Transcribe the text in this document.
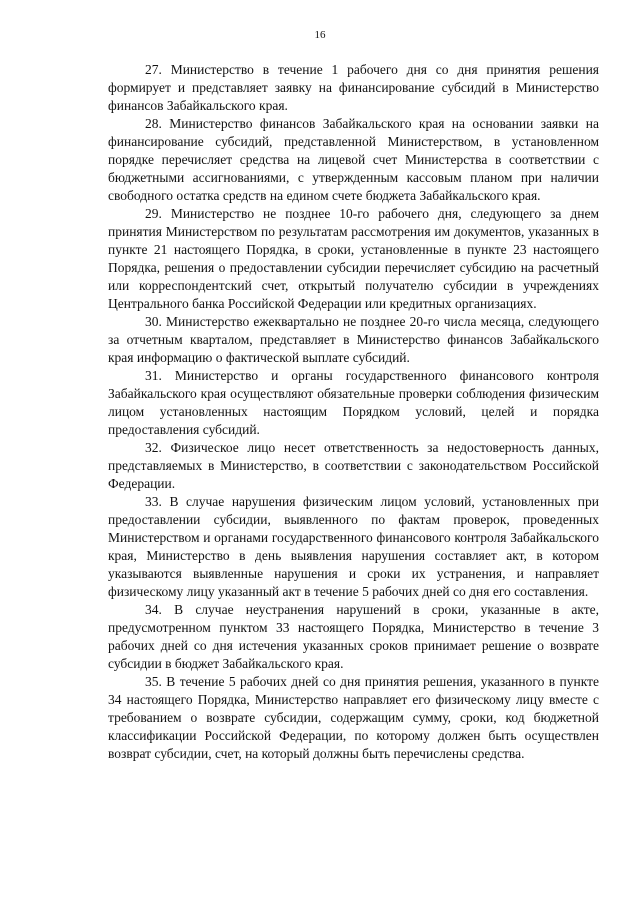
16

27. Министерство в течение 1 рабочего дня со дня принятия решения формирует и представляет заявку на финансирование субсидий в Министерство финансов Забайкальского края.

28. Министерство финансов Забайкальского края на основании заявки на финансирование субсидий, представленной Министерством, в установленном порядке перечисляет средства на лицевой счет Министерства в соответствии с бюджетными ассигнованиями, с утвержденным кассовым планом при наличии свободного остатка средств на едином счете бюджета Забайкальского края.

29. Министерство не позднее 10-го рабочего дня, следующего за днем принятия Министерством по результатам рассмотрения им документов, указанных в пункте 21 настоящего Порядка, в сроки, установленные в пункте 23 настоящего Порядка, решения о предоставлении субсидии перечисляет субсидию на расчетный или корреспондентский счет, открытый получателю субсидии в учреждениях Центрального банка Российской Федерации или кредитных организациях.

30. Министерство ежеквартально не позднее 20-го числа месяца, следующего за отчетным кварталом, представляет в Министерство финансов Забайкальского края информацию о фактической выплате субсидий.

31. Министерство и органы государственного финансового контроля Забайкальского края осуществляют обязательные проверки соблюдения физическим лицом установленных настоящим Порядком условий, целей и порядка предоставления субсидий.

32. Физическое лицо несет ответственность за недостоверность данных, представляемых в Министерство, в соответствии с законодательством Российской Федерации.

33. В случае нарушения физическим лицом условий, установленных при предоставлении субсидии, выявленного по фактам проверок, проведенных Министерством и органами государственного финансового контроля Забайкальского края, Министерство в день выявления нарушения составляет акт, в котором указываются выявленные нарушения и сроки их устранения, и направляет физическому лицу указанный акт в течение 5 рабочих дней со дня его составления.

34. В случае неустранения нарушений в сроки, указанные в акте, предусмотренном пунктом 33 настоящего Порядка, Министерство в течение 3 рабочих дней со дня истечения указанных сроков принимает решение о возврате субсидии в бюджет Забайкальского края.

35. В течение 5 рабочих дней со дня принятия решения, указанного в пункте 34 настоящего Порядка, Министерство направляет его физическому лицу вместе с требованием о возврате субсидии, содержащим сумму, сроки, код бюджетной классификации Российской Федерации, по которому должен быть осуществлен возврат субсидии, счет, на который должны быть перечислены средства.
